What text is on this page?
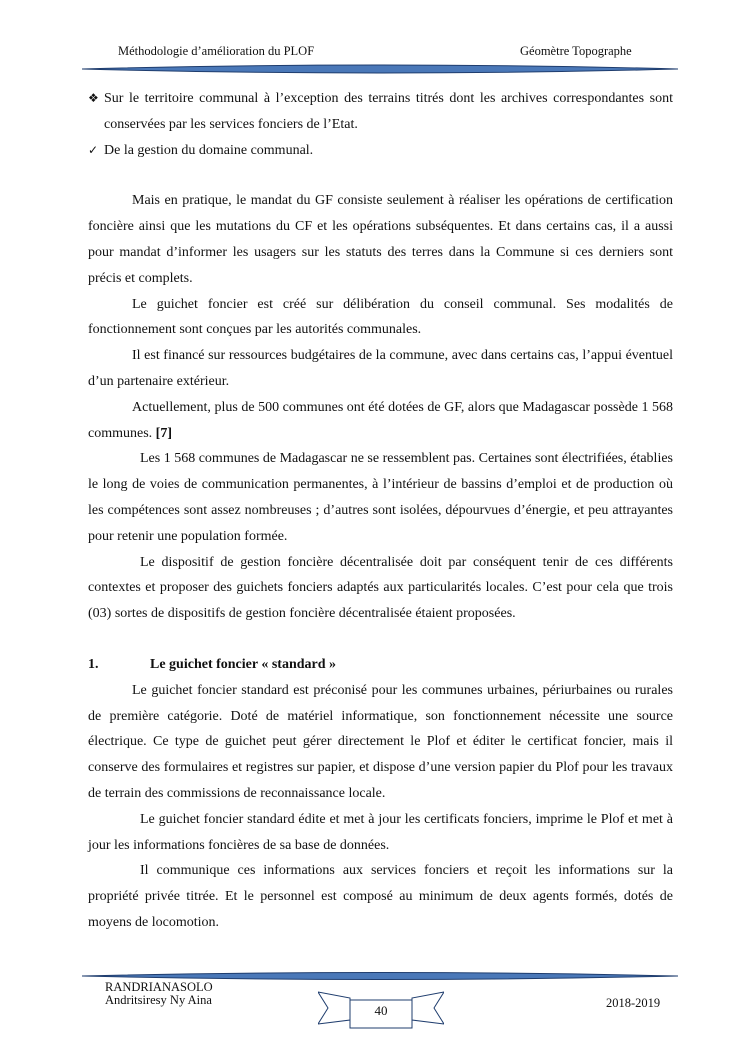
Méthodologie d’amélioration du PLOF	Géomètre Topographe

❖ Sur le territoire communal à l’exception des terrains titrés dont les archives correspondantes sont conservées par les services fonciers de l’Etat.

✓ De la gestion du domaine communal.

Mais en pratique, le mandat du GF consiste seulement à réaliser les opérations de certification foncière ainsi que les mutations du CF et les opérations subséquentes. Et dans certains cas, il a aussi pour mandat d’informer les usagers sur les statuts des terres dans la Commune si ces derniers sont précis et complets.

Le guichet foncier est créé sur délibération du conseil communal. Ses modalités de fonctionnement sont conçues par les autorités communales.

Il est financé sur ressources budgétaires de la commune, avec dans certains cas, l’appui éventuel d’un partenaire extérieur.

Actuellement, plus de 500 communes ont été dotées de GF, alors que Madagascar possède 1 568 communes. [7]

Les 1 568 communes de Madagascar ne se ressemblent pas. Certaines sont électrifiées, établies le long de voies de communication permanentes, à l’intérieur de bassins d’emploi et de production où les compétences sont assez nombreuses ; d’autres sont isolées, dépourvues d’énergie, et peu attrayantes pour retenir une population formée.

Le dispositif de gestion foncière décentralisée doit par conséquent tenir de ces différents contextes et proposer des guichets fonciers adaptés aux particularités locales. C’est pour cela que trois (03) sortes de dispositifs de gestion foncière décentralisée étaient proposées.

1.	Le guichet foncier « standard »

Le guichet foncier standard est préconisé pour les communes urbaines, périurbaines ou rurales de première catégorie. Doté de matériel informatique, son fonctionnement nécessite une source électrique. Ce type de guichet peut gérer directement le Plof et éditer le certificat foncier, mais il conserve des formulaires et registres sur papier, et dispose d’une version papier du Plof pour les travaux de terrain des commissions de reconnaissance locale.

Le guichet foncier standard édite et met à jour les certificats fonciers, imprime le Plof et met à jour les informations foncières de sa base de données.

Il communique ces informations aux services fonciers et reçoit les informations sur la propriété privée titrée. Et le personnel est composé au minimum de deux agents formés, dotés de moyens de locomotion.

RANDRIANASOLO
Andritsiresy Ny Aina
40	2018-2019
